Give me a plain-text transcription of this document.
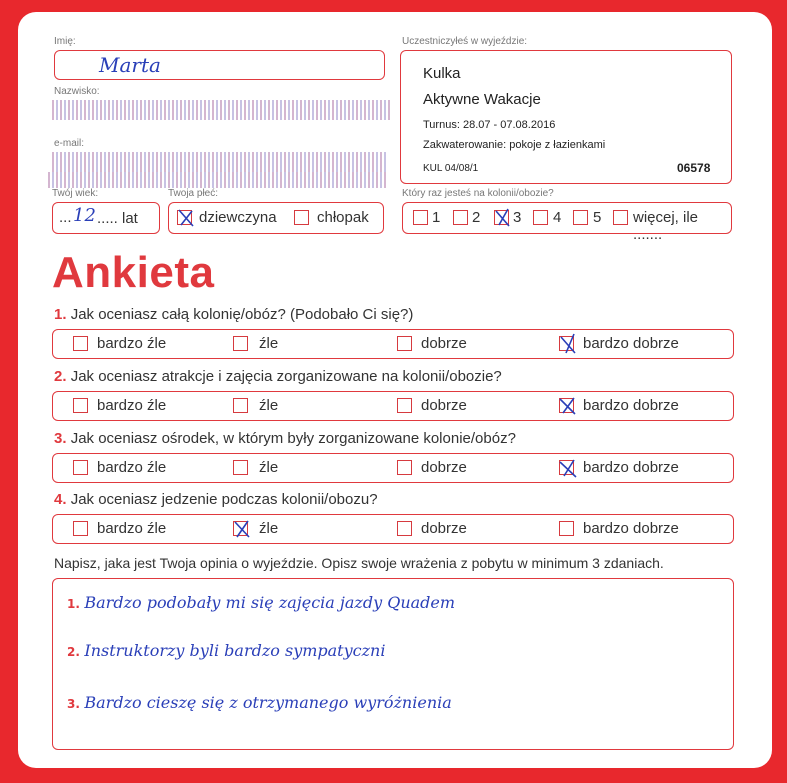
Imię:
Marta
Nazwisko:
e-mail:
Twój wiek:
... 12 ..... lat
Twoja płeć:
dziewczyna	chłopak
Uczestniczyłeś w wyjeździe:
Kulka
Aktywne Wakacje
Turnus: 28.07 - 07.08.2016
Zakwaterowanie: pokoje z łazienkami
KUL 04/08/1	06578
Który raz jesteś na kolonii/obozie?
1 2 3 4 5 więcej, ile .......
Ankieta
1. Jak oceniasz całą kolonię/obóz? (Podobało Ci się?)
bardzo źle	źle	dobrze	bardzo dobrze
2. Jak oceniasz atrakcje i zajęcia zorganizowane na kolonii/obozie?
bardzo źle	źle	dobrze	bardzo dobrze
3. Jak oceniasz ośrodek, w którym były zorganizowane kolonie/obóz?
bardzo źle	źle	dobrze	bardzo dobrze
4. Jak oceniasz jedzenie podczas kolonii/obozu?
bardzo źle	źle	dobrze	bardzo dobrze
Napisz, jaka jest Twoja opinia o wyjeździe. Opisz swoje wrażenia z pobytu w minimum 3 zdaniach.
1. Bardzo podobały mi się zajęcia jazdy Quadem
2. Instruktorzy byli bardzo sympatyczni
3. Bardzo cieszę się z otrzymanego wyróżnienia
